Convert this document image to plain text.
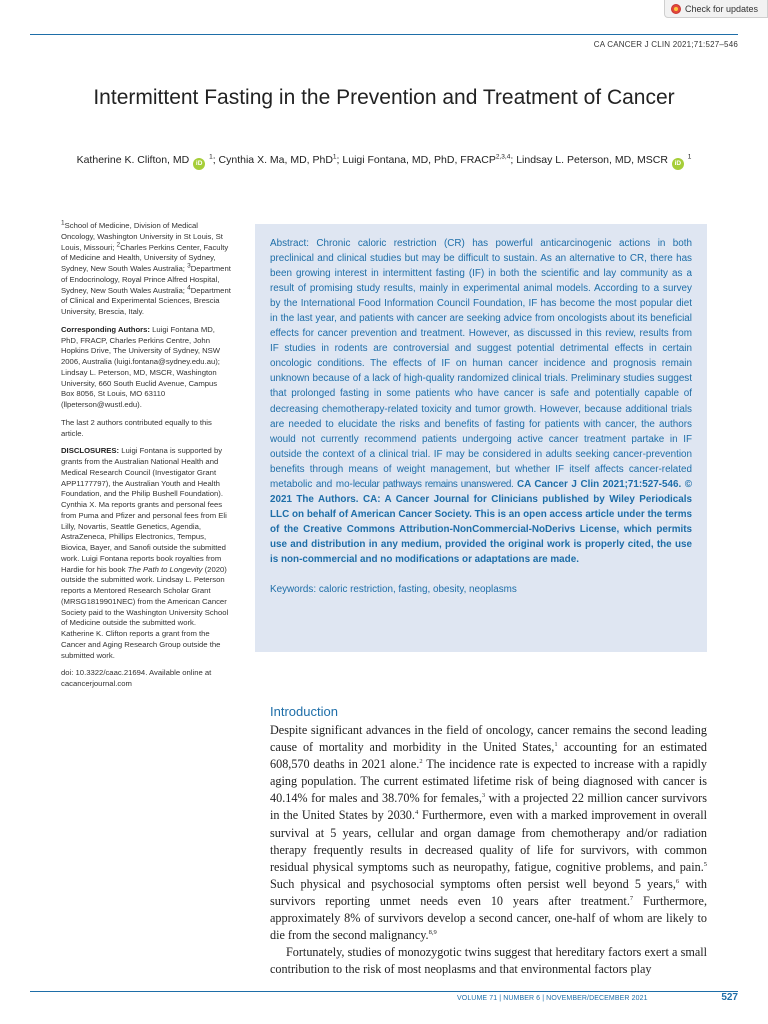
Check for updates
CA CANCER J CLIN 2021;71:527–546
Intermittent Fasting in the Prevention and Treatment of Cancer
Katherine K. Clifton, MD iD $^1$; Cynthia X. Ma, MD, PhD$^1$; Luigi Fontana, MD, PhD, FRACP$^{2,3,4}$; Lindsay L. Peterson, MD, MSCR iD $^1$

$^1$School of Medicine, Division of Medical Oncology, Washington University in St Louis, St Louis, Missouri; $^2$Charles Perkins Center, Faculty of Medicine and Health, University of Sydney, Sydney, New South Wales Australia; $^3$Department of Endocrinology, Royal Prince Alfred Hospital, Sydney, New South Wales Australia; $^4$Department of Clinical and Experimental Sciences, Brescia University, Brescia, Italy.

Corresponding Authors: Luigi Fontana MD, PhD, FRACP, Charles Perkins Centre, John Hopkins Drive, The University of Sydney, NSW 2006, Australia (luigi.fontana@sydney.edu.au); Lindsay L. Peterson, MD, MSCR, Washington University, 660 South Euclid Avenue, Campus Box 8056, St Louis, MO 63110 (llpeterson@wustl.edu).

The last 2 authors contributed equally to this article.

DISCLOSURES: Luigi Fontana is supported by grants from the Australian National Health and Medical Research Council (Investigator Grant APP1177797), the Australian Youth and Health Foundation, and the Philip Bushell Foundation). Cynthia X. Ma reports grants and personal fees from Puma and Pfizer and personal fees from Eli Lilly, Novartis, Seattle Genetics, Agendia, AstraZeneca, Phillips Electronics, Tempus, Biovica, Bayer, and Sanofi outside the submitted work. Luigi Fontana reports book royalties from Hardie for his book The Path to Longevity (2020) outside the submitted work. Lindsay L. Peterson reports a Mentored Research Scholar Grant (MRSG1819901NEC) from the American Cancer Society paid to the Washington University School of Medicine outside the submitted work. Katherine K. Clifton reports a grant from the Cancer and Aging Research Group outside the submitted work.

doi: 10.3322/caac.21694. Available online at cacancerjournal.com

Abstract: Chronic caloric restriction (CR) has powerful anticarcinogenic actions in both preclinical and clinical studies but may be difficult to sustain. As an alternative to CR, there has been growing interest in intermittent fasting (IF) in both the scientific and lay community as a result of promising study results, mainly in experimental animal models. According to a survey by the International Food Information Council Foundation, IF has become the most popular diet in the last year, and patients with cancer are seeking advice from oncologists about its beneficial effects for cancer prevention and treatment. However, as discussed in this review, results from IF studies in rodents are controversial and suggest potential detrimental effects in certain oncologic conditions. The effects of IF on human cancer incidence and prognosis remain unknown because of a lack of high-quality randomized clinical trials. Preliminary studies suggest that prolonged fasting in some patients who have cancer is safe and potentially capable of decreasing chemotherapy-related toxicity and tumor growth. However, because additional trials are needed to elucidate the risks and benefits of fasting for patients with cancer, the authors would not currently recommend patients undergoing active cancer treatment partake in IF outside the context of a clinical trial. IF may be considered in adults seeking cancer-prevention benefits through means of weight management, but whether IF itself affects cancer-related metabolic and mo-lecular pathways remains unanswered. CA Cancer J Clin 2021;71:527-546. © 2021 The Authors. CA: A Cancer Journal for Clinicians published by Wiley Periodicals LLC on behalf of American Cancer Society. This is an open access article under the terms of the Creative Commons Attribution-NonCommercial-NoDerivs License, which permits use and distribution in any medium, provided the original work is properly cited, the use is non-commercial and no modifications or adaptations are made.

Keywords: caloric restriction, fasting, obesity, neoplasms

Introduction

Despite significant advances in the field of oncology, cancer remains the second leading cause of mortality and morbidity in the United States,$^1$ accounting for an estimated 608,570 deaths in 2021 alone.$^2$ The incidence rate is expected to increase with a rapidly aging population. The current estimated lifetime risk of being diagnosed with cancer is 40.14% for males and 38.70% for females,$^3$ with a projected 22 million cancer survivors in the United States by 2030.$^4$ Furthermore, even with a marked improvement in overall survival at 5 years, cellular and organ damage from chemotherapy and/or radiation therapy frequently results in decreased quality of life for survivors, with common residual physical symptoms such as neuropathy, fatigue, cognitive problems, and pain.$^5$ Such physical and psychosocial symptoms often persist well beyond 5 years,$^6$ with survivors reporting unmet needs even 10 years after treatment.$^7$ Furthermore, approximately 8% of survivors develop a second cancer, one-half of whom are likely to die from the second malignancy.$^{8,9}$

Fortunately, studies of monozygotic twins suggest that hereditary factors exert a small contribution to the risk of most neoplasms and that environmental factors play

VOLUME 71 | NUMBER 6 | NOVEMBER/DECEMBER 2021	527
